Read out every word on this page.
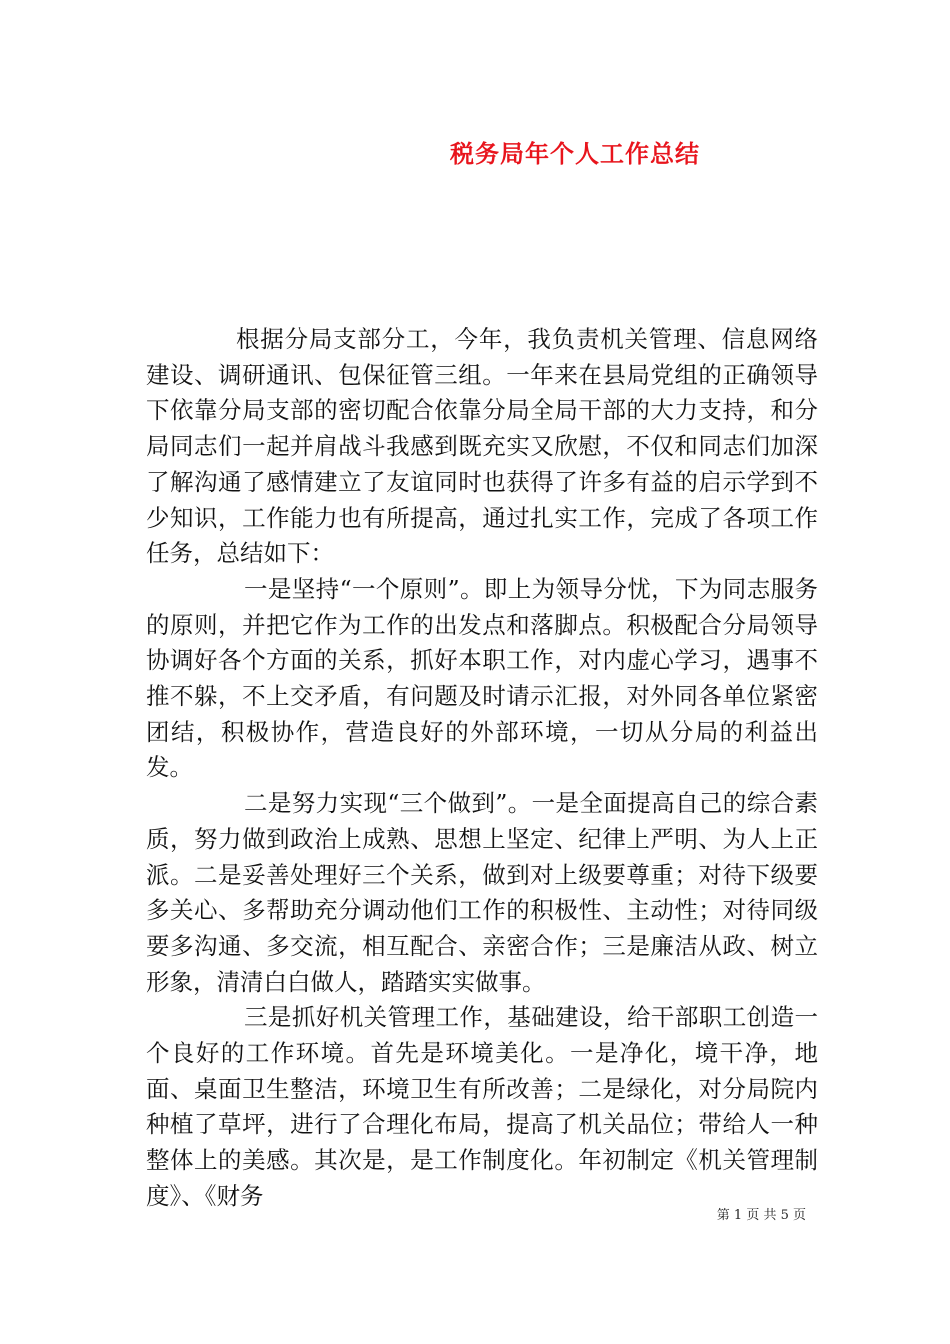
税务局年个人工作总结

根据分局支部分工，今年，我负责机关管理、信息网络建设、调研通讯、包保征管三组。一年来在县局党组的正确领导下依靠分局支部的密切配合依靠分局全局干部的大力支持，和分局同志们一起并肩战斗我感到既充实又欣慰，不仅和同志们加深了解沟通了感情建立了友谊同时也获得了许多有益的启示学到不少知识，工作能力也有所提高，通过扎实工作，完成了各项工作任务，总结如下：

一是坚持“一个原则”。即上为领导分忧，下为同志服务的原则，并把它作为工作的出发点和落脚点。积极配合分局领导协调好各个方面的关系，抓好本职工作，对内虚心学习，遇事不推不躲，不上交矛盾，有问题及时请示汇报，对外同各单位紧密团结，积极协作，营造良好的外部环境，一切从分局的利益出发。

二是努力实现“三个做到”。一是全面提高自己的综合素质，努力做到政治上成熟、思想上坚定、纪律上严明、为人上正派。二是妥善处理好三个关系，做到对上级要尊重；对待下级要多关心、多帮助充分调动他们工作的积极性、主动性；对待同级要多沟通、多交流，相互配合、亲密合作；三是廉洁从政、树立形象，清清白白做人，踏踏实实做事。

三是抓好机关管理工作，基础建设，给干部职工创造一个良好的工作环境。首先是环境美化。一是净化，境干净，地面、桌面卫生整洁，环境卫生有所改善；二是绿化，对分局院内种植了草坪，进行了合理化布局，提高了机关品位；带给人一种整体上的美感。其次是，是工作制度化。年初制定《机关管理制度》、《财务

第 1 页 共 5 页
